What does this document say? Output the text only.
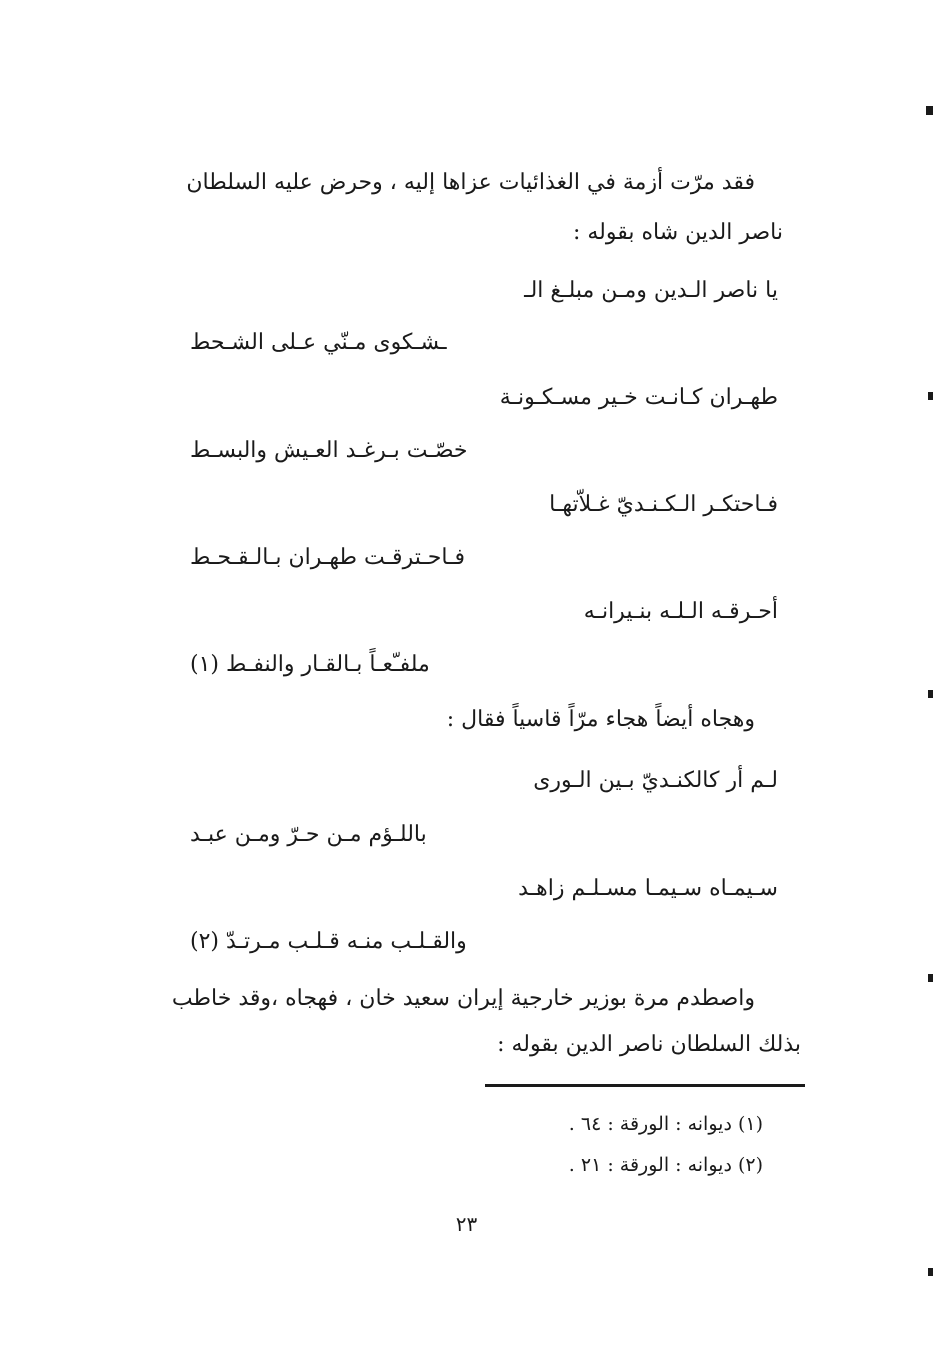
فقد مرّت أزمة في الغذائيات عزاها إليه ، وحرض عليه السلطان
ناصر الدين شاه بقوله :
يا ناصر الـدين ومـن مبلـغ الـ
ـشـكوى مـنّي عـلى الشـحط
طهـران كـانـت خـير مسـكـونـة
خصّـت بـرغـد العـيش والبسـط
فـاحتكـر الـكـنـديّ غـلاّتهـا
فـاحـترقـت طهـران بـالـقـحـط
أحـرقـه الـلـه بنـيرانـه
ملفـّعـاً بـالقـار والنفـط (١)
وهجاه أيضاً هجاء مرّاً قاسياً فقال :
لـم أر كالكنـديّ بـين الـورى
باللـؤم مـن حـرّ ومـن عبـد
سـيمـاه سـيمـا مسـلـم زاهـد
والقـلـب منـه قـلـب مـرتـدّ (٢)
واصطدم مرة بوزير خارجية إيران سعيد خان ، فهجاه ،وقد خاطب
بذلك السلطان ناصر الدين بقوله :
(١) ديوانه : الورقة : ٦٤ .
(٢) ديوانه : الورقة : ٢١ .
٢٣
